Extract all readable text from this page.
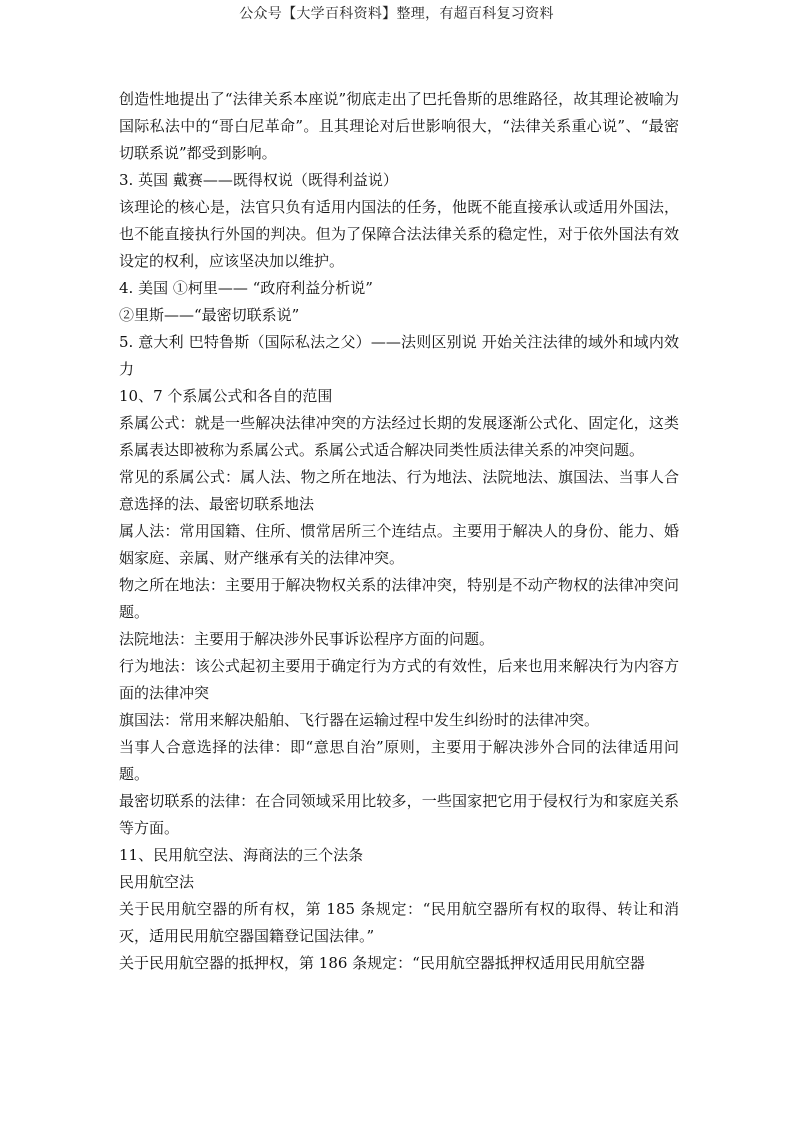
公众号【大学百科资料】整理，有超百科复习资料

创造性地提出了“法律关系本座说”彻底走出了巴托鲁斯的思维路径，故其理论被喻为国际私法中的“哥白尼革命”。且其理论对后世影响很大，“法律关系重心说”、“最密切联系说”都受到影响。

3. 英国 戴赛——既得权说（既得利益说）

该理论的核心是，法官只负有适用内国法的任务，他既不能直接承认或适用外国法，也不能直接执行外国的判决。但为了保障合法法律关系的稳定性，对于依外国法有效设定的权利，应该坚决加以维护。

4. 美国 ①柯里—— “政府利益分析说”

②里斯——“最密切联系说”

5. 意大利 巴特鲁斯（国际私法之父）——法则区别说 开始关注法律的域外和域内效力

10、7 个系属公式和各自的范围

系属公式：就是一些解决法律冲突的方法经过长期的发展逐渐公式化、固定化，这类系属表达即被称为系属公式。系属公式适合解决同类性质法律关系的冲突问题。

常见的系属公式：属人法、物之所在地法、行为地法、法院地法、旗国法、当事人合意选择的法、最密切联系地法

属人法：常用国籍、住所、惯常居所三个连结点。主要用于解决人的身份、能力、婚姻家庭、亲属、财产继承有关的法律冲突。

物之所在地法：主要用于解决物权关系的法律冲突，特别是不动产物权的法律冲突问题。

法院地法：主要用于解决涉外民事诉讼程序方面的问题。

行为地法：该公式起初主要用于确定行为方式的有效性，后来也用来解决行为内容方面的法律冲突

旗国法：常用来解决船舶、飞行器在运输过程中发生纠纷时的法律冲突。

当事人合意选择的法律：即“意思自治”原则，主要用于解决涉外合同的法律适用问题。

最密切联系的法律：在合同领域采用比较多，一些国家把它用于侵权行为和家庭关系等方面。

11、民用航空法、海商法的三个法条

民用航空法

关于民用航空器的所有权，第 185 条规定：“民用航空器所有权的取得、转让和消灭，适用民用航空器国籍登记国法律。”

关于民用航空器的抵押权，第 186 条规定：“民用航空器抵押权适用民用航空器
